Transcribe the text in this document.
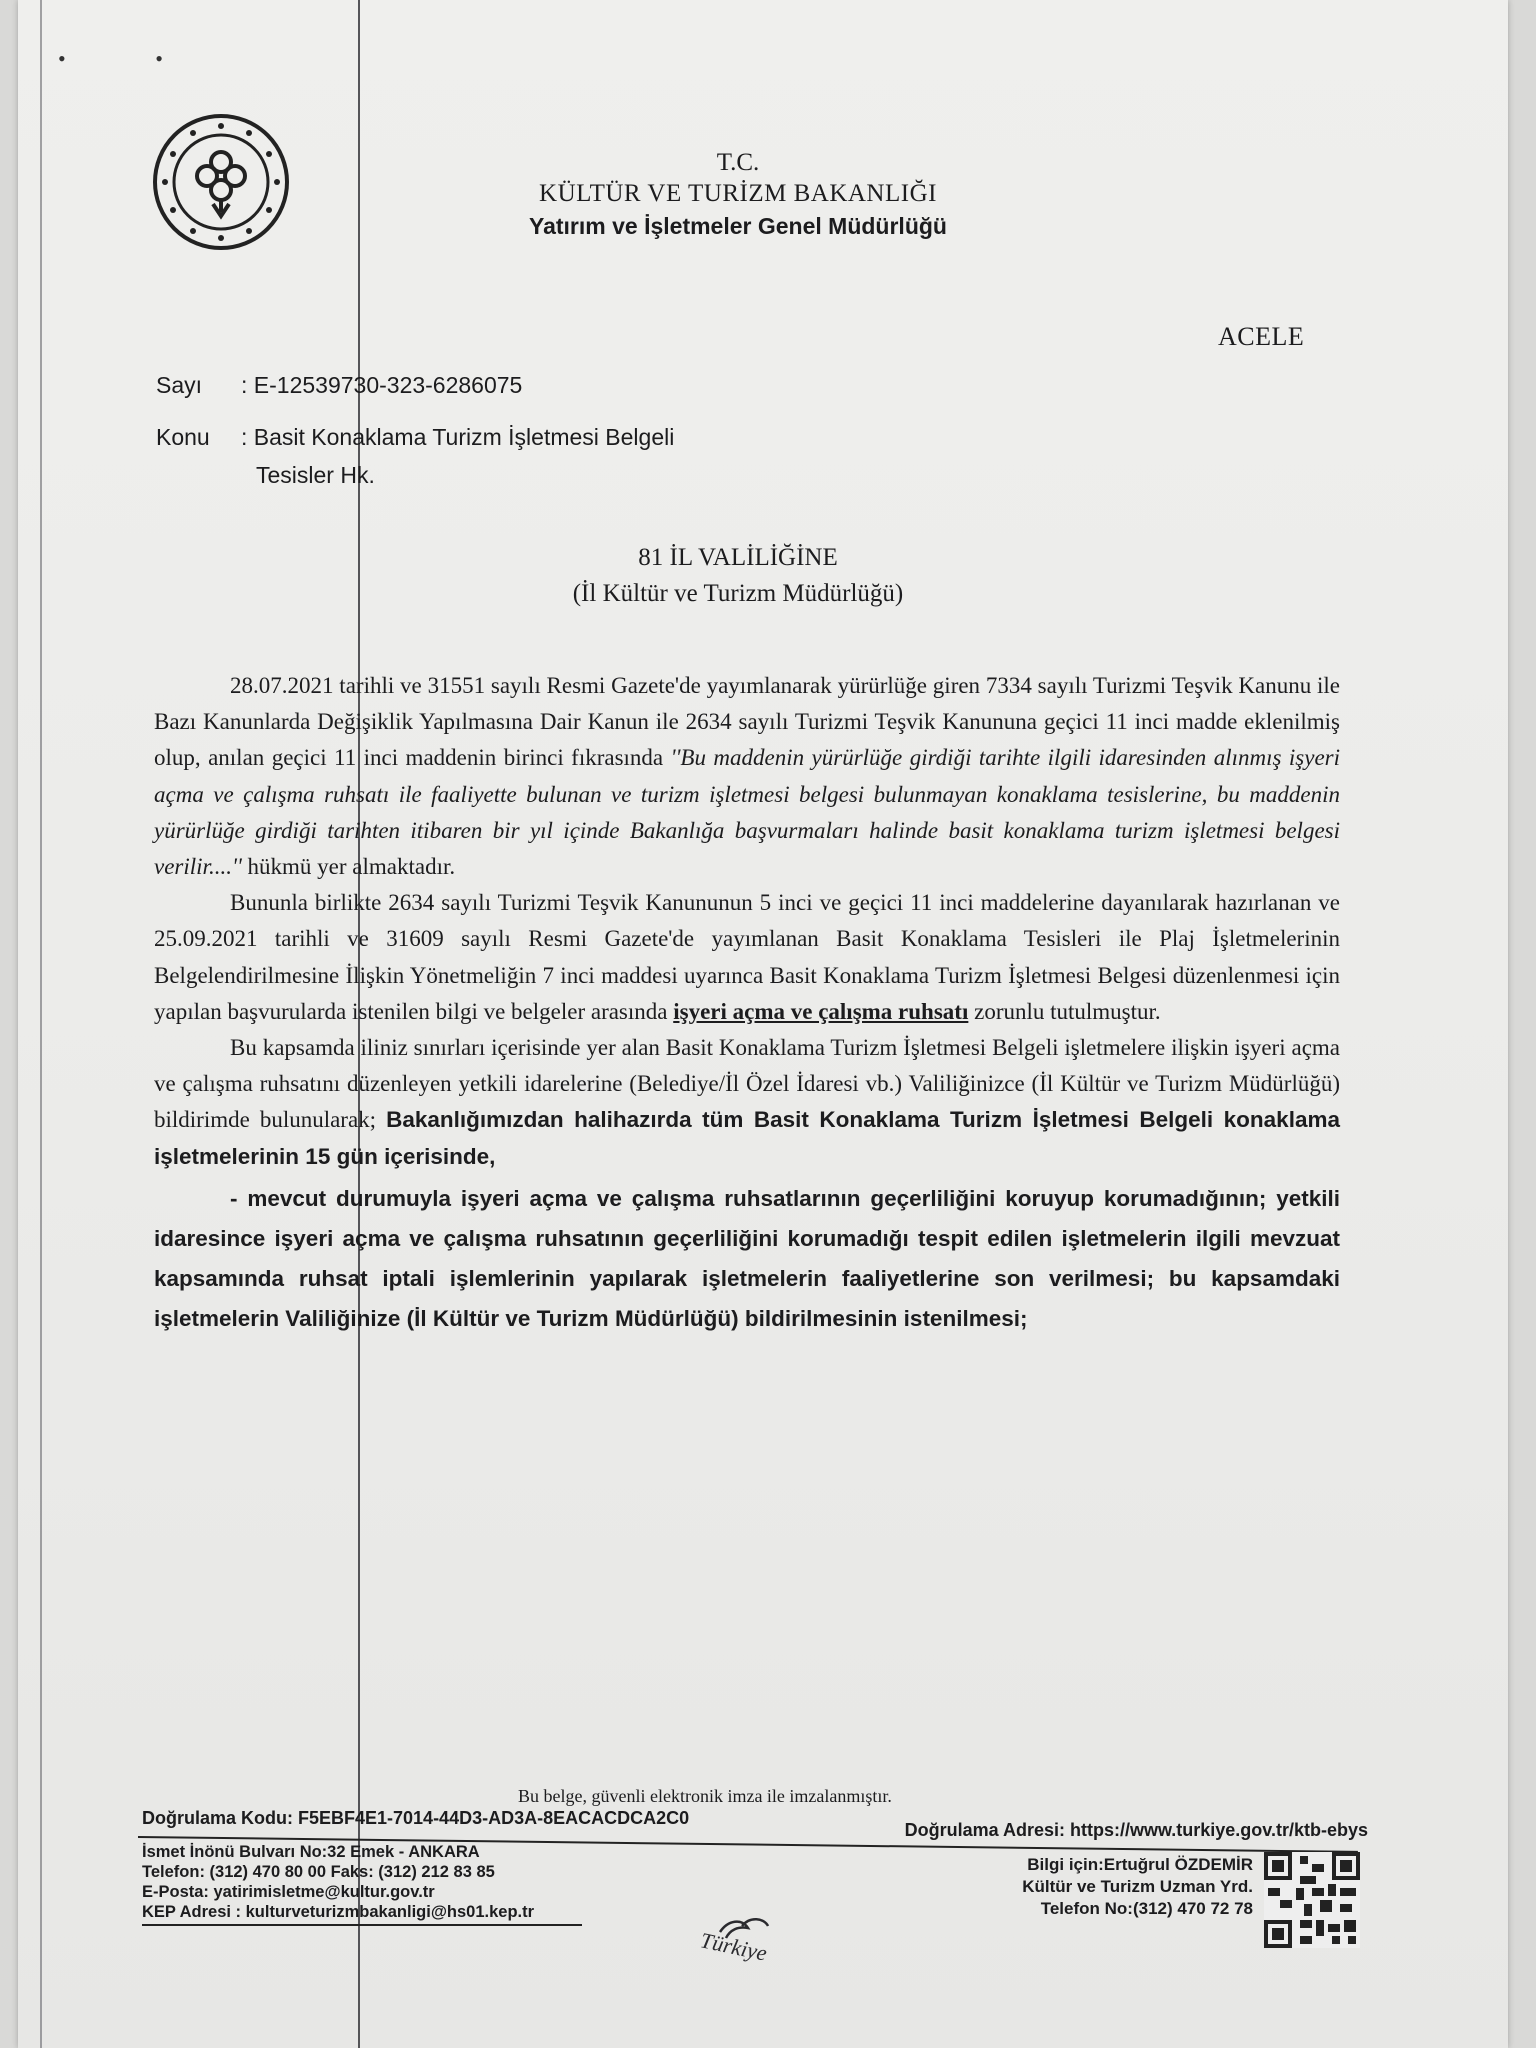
• •
T.C.
KÜLTÜR VE TURİZM BAKANLIĞI
Yatırım ve İşletmeler Genel Müdürlüğü
ACELE
Sayı : E-12539730-323-6286075
Konu : Basit Konaklama Turizm İşletmesi Belgeli
Tesisler Hk.
81 İL VALİLİĞİNE
(İl Kültür ve Turizm Müdürlüğü)

28.07.2021 tarihli ve 31551 sayılı Resmi Gazete'de yayımlanarak yürürlüğe giren 7334 sayılı Turizmi Teşvik Kanunu ile Bazı Kanunlarda Değişiklik Yapılmasına Dair Kanun ile 2634 sayılı Turizmi Teşvik Kanununa geçici 11 inci madde eklenilmiş olup, anılan geçici 11 inci maddenin birinci fıkrasında ''Bu maddenin yürürlüğe girdiği tarihte ilgili idaresinden alınmış işyeri açma ve çalışma ruhsatı ile faaliyette bulunan ve turizm işletmesi belgesi bulunmayan konaklama tesislerine, bu maddenin yürürlüğe girdiği tarihten itibaren bir yıl içinde Bakanlığa başvurmaları halinde basit konaklama turizm işletmesi belgesi verilir....'' hükmü yer almaktadır.

Bununla birlikte 2634 sayılı Turizmi Teşvik Kanununun 5 inci ve geçici 11 inci maddelerine dayanılarak hazırlanan ve 25.09.2021 tarihli ve 31609 sayılı Resmi Gazete'de yayımlanan Basit Konaklama Tesisleri ile Plaj İşletmelerinin Belgelendirilmesine İlişkin Yönetmeliğin 7 inci maddesi uyarınca Basit Konaklama Turizm İşletmesi Belgesi düzenlenmesi için yapılan başvurularda istenilen bilgi ve belgeler arasında işyeri açma ve çalışma ruhsatı zorunlu tutulmuştur.

Bu kapsamda iliniz sınırları içerisinde yer alan Basit Konaklama Turizm İşletmesi Belgeli işletmelere ilişkin işyeri açma ve çalışma ruhsatını düzenleyen yetkili idarelerine (Belediye/İl Özel İdaresi vb.) Valiliğinizce (İl Kültür ve Turizm Müdürlüğü) bildirimde bulunularak; Bakanlığımızdan halihazırda tüm Basit Konaklama Turizm İşletmesi Belgeli konaklama işletmelerinin 15 gün içerisinde,

- mevcut durumuyla işyeri açma ve çalışma ruhsatlarının geçerliliğini koruyup korumadığının; yetkili idaresince işyeri açma ve çalışma ruhsatının geçerliliğini korumadığı tespit edilen işletmelerin ilgili mevzuat kapsamında ruhsat iptali işlemlerinin yapılarak işletmelerin faaliyetlerine son verilmesi; bu kapsamdaki işletmelerin Valiliğinize (İl Kültür ve Turizm Müdürlüğü) bildirilmesinin istenilmesi;

Bu belge, güvenli elektronik imza ile imzalanmıştır.
Doğrulama Kodu: F5EBF4E1-7014-44D3-AD3A-8EACACDCA2C0
Doğrulama Adresi: https://www.turkiye.gov.tr/ktb-ebys
İsmet İnönü Bulvarı No:32 Emek - ANKARA
Telefon: (312) 470 80 00 Faks: (312) 212 83 85
E-Posta: yatirimisletme@kultur.gov.tr
KEP Adresi : kulturveturizmbakanligi@hs01.kep.tr
Bilgi için:Ertuğrul ÖZDEMİR
Kültür ve Turizm Uzman Yrd.
Telefon No:(312) 470 72 78
Türkiye
